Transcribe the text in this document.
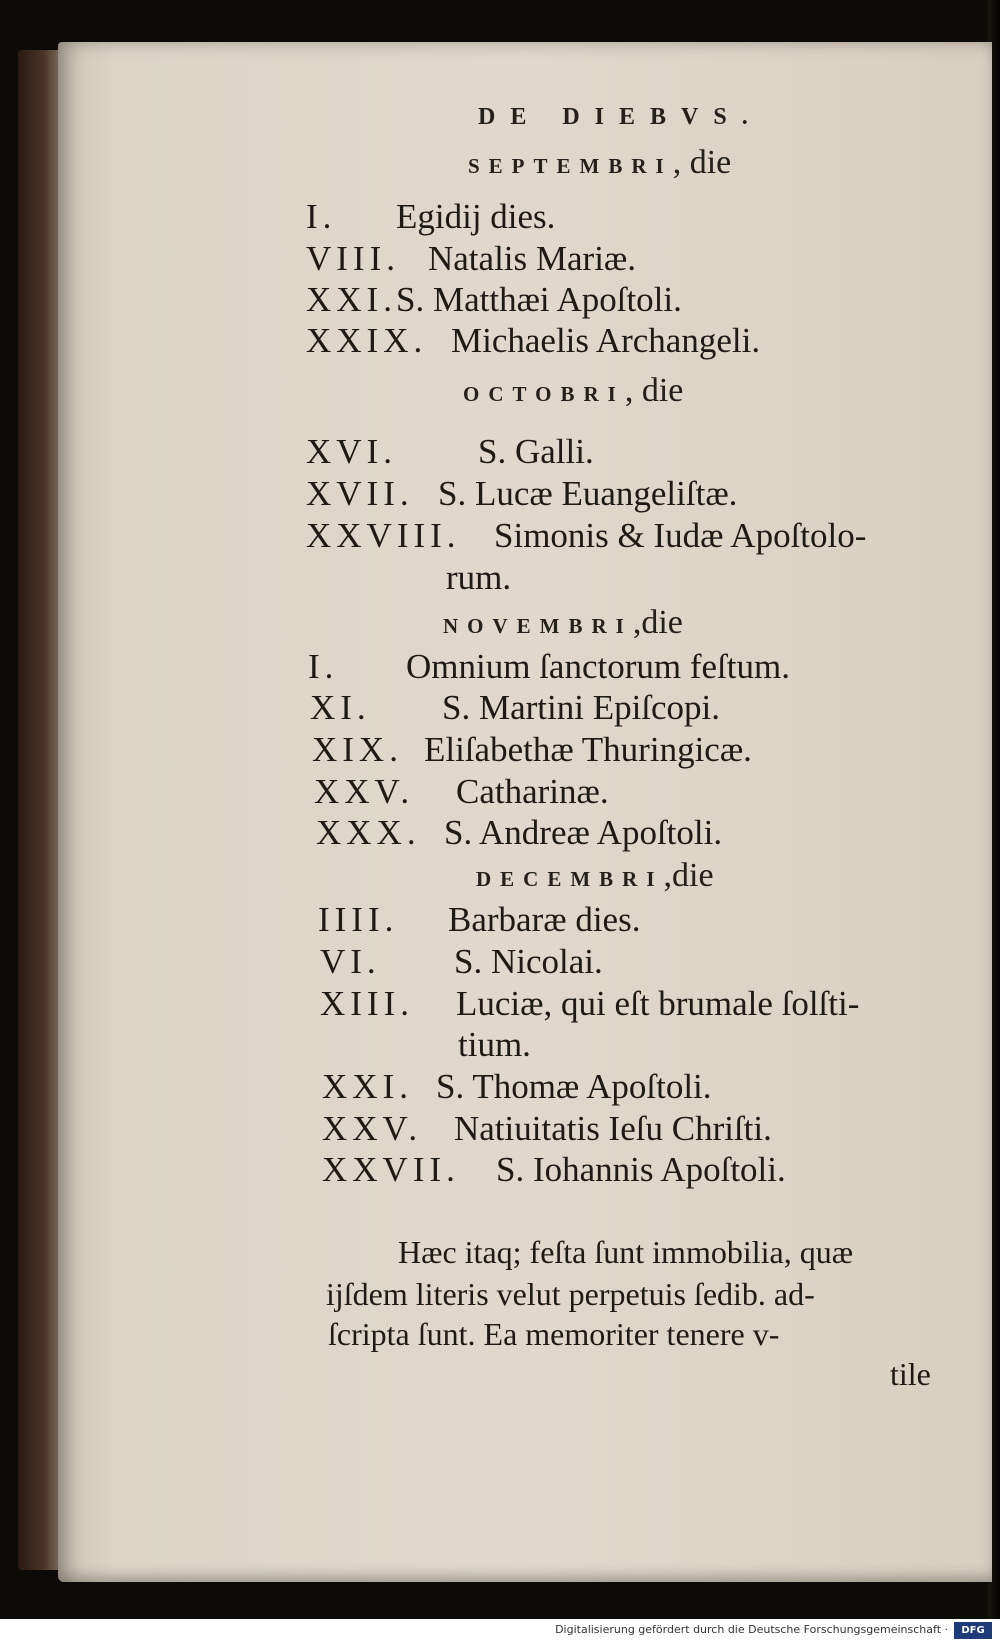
DE DIEBVS.
SEPTEMBRI, die
I. Egidij dies.
VIII. Natalis Mariæ.
XXI. S. Matthæi Apoſtoli.
XXIX. Michaelis Archangeli.
OCTOBRI, die
XVI. S. Galli.
XVII. S. Lucæ Euangeliſtæ.
XXVIII. Simonis & Iudæ Apoſtolo-
rum.
NOVEMBRI,die
I. Omnium ſanctorum feſtum.
XI. S. Martini Epiſcopi.
XIX. Eliſabethæ Thuringicæ.
XXV. Catharinæ.
XXX. S. Andreæ Apoſtoli.
DECEMBRI,die
IIII. Barbaræ dies.
VI. S. Nicolai.
XIII. Luciæ, qui eſt brumale ſolſti-
tium.
XXI. S. Thomæ Apoſtoli.
XXV. Natiuitatis Ieſu Chriſti.
XXVII. S. Iohannis Apoſtoli.
Hæc itaq; feſta ſunt immobilia, quæ
ijſdem literis velut perpetuis ſedib. ad-
ſcripta ſunt. Ea memoriter tenere v-
tile
Digitalisierung gefördert durch die Deutsche Forschungsgemeinschaft ·	DFG
